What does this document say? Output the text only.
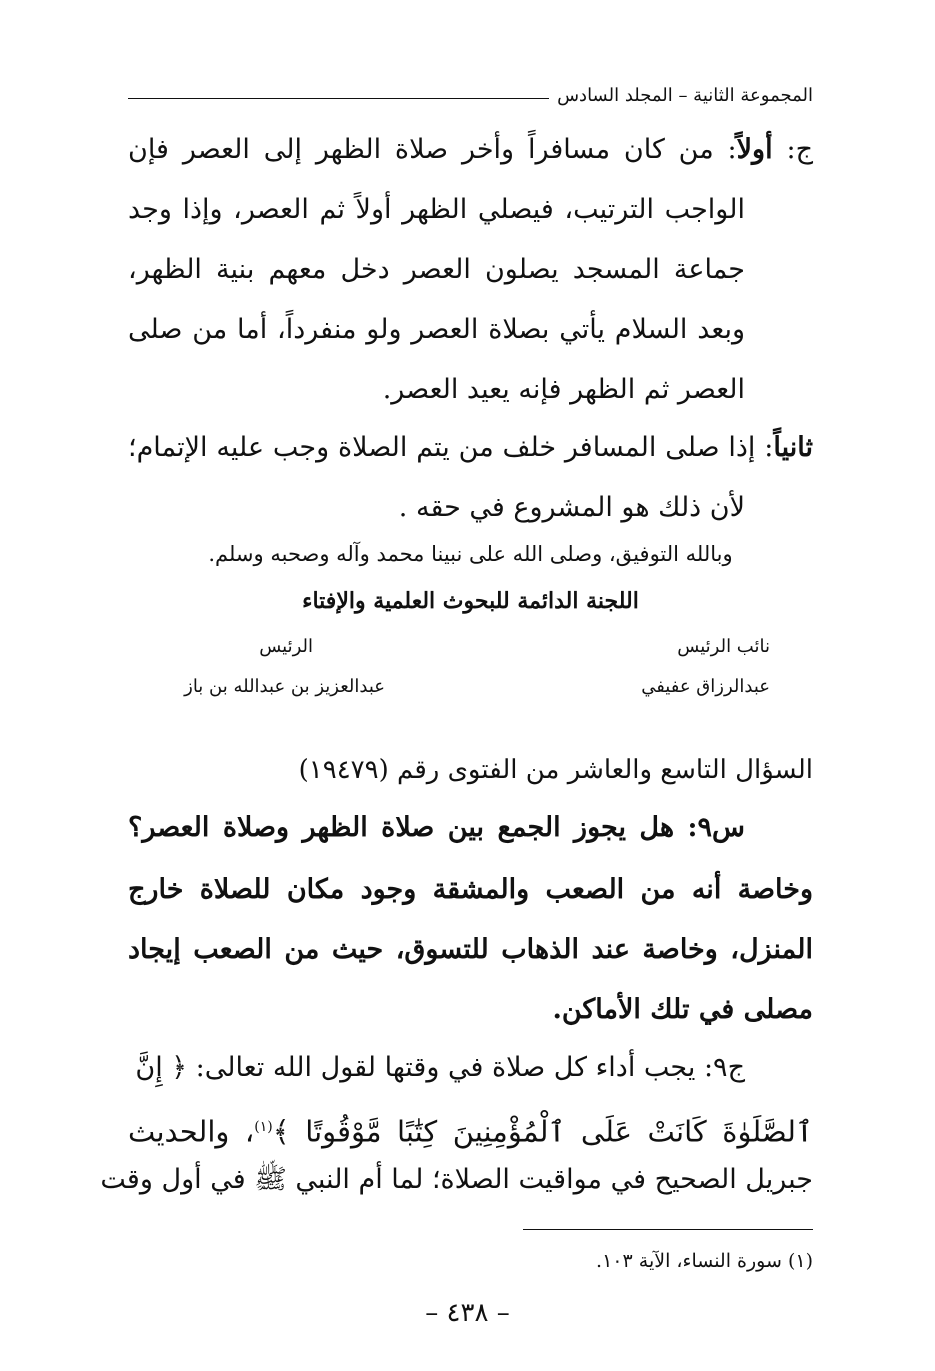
المجموعة الثانية – المجلد السادس
ج: أولاً: من كان مسافراً وأخر صلاة الظهر إلى العصر فإن
الواجب الترتيب، فيصلي الظهر أولاً ثم العصر، وإذا وجد
جماعة المسجد يصلون العصر دخل معهم بنية الظهر،
وبعد السلام يأتي بصلاة العصر ولو منفرداً، أما من صلى
العصر ثم الظهر فإنه يعيد العصر.
ثانياً: إذا صلى المسافر خلف من يتم الصلاة وجب عليه الإتمام؛
لأن ذلك هو المشروع في حقه .
وبالله التوفيق، وصلى الله على نبينا محمد وآله وصحبه وسلم.
اللجنة الدائمة للبحوث العلمية والإفتاء
نائب الرئيس
عبدالرزاق عفيفي
الرئيس
عبدالعزيز بن عبدالله بن باز
السؤال التاسع والعاشر من الفتوى رقم (١٩٤٧٩)
س٩: هل يجوز الجمع بين صلاة الظهر وصلاة العصر؟
وخاصة أنه من الصعب والمشقة وجود مكان للصلاة خارج
المنزل، وخاصة عند الذهاب للتسوق، حيث من الصعب إيجاد
مصلى في تلك الأماكن.
ج٩: يجب أداء كل صلاة في وقتها لقول الله تعالى: ﴿ إِنَّ
ٱلصَّلَوٰةَ كَانَتْ عَلَى ٱلْمُؤْمِنِينَ كِتَٰبًا مَّوْقُوتًا ﴾$^{(١)}$، والحديث
جبريل الصحيح في مواقيت الصلاة؛ لما أم النبي ﷺ في أول وقت
(١) سورة النساء، الآية ١٠٣.
– ٤٣٨ –
